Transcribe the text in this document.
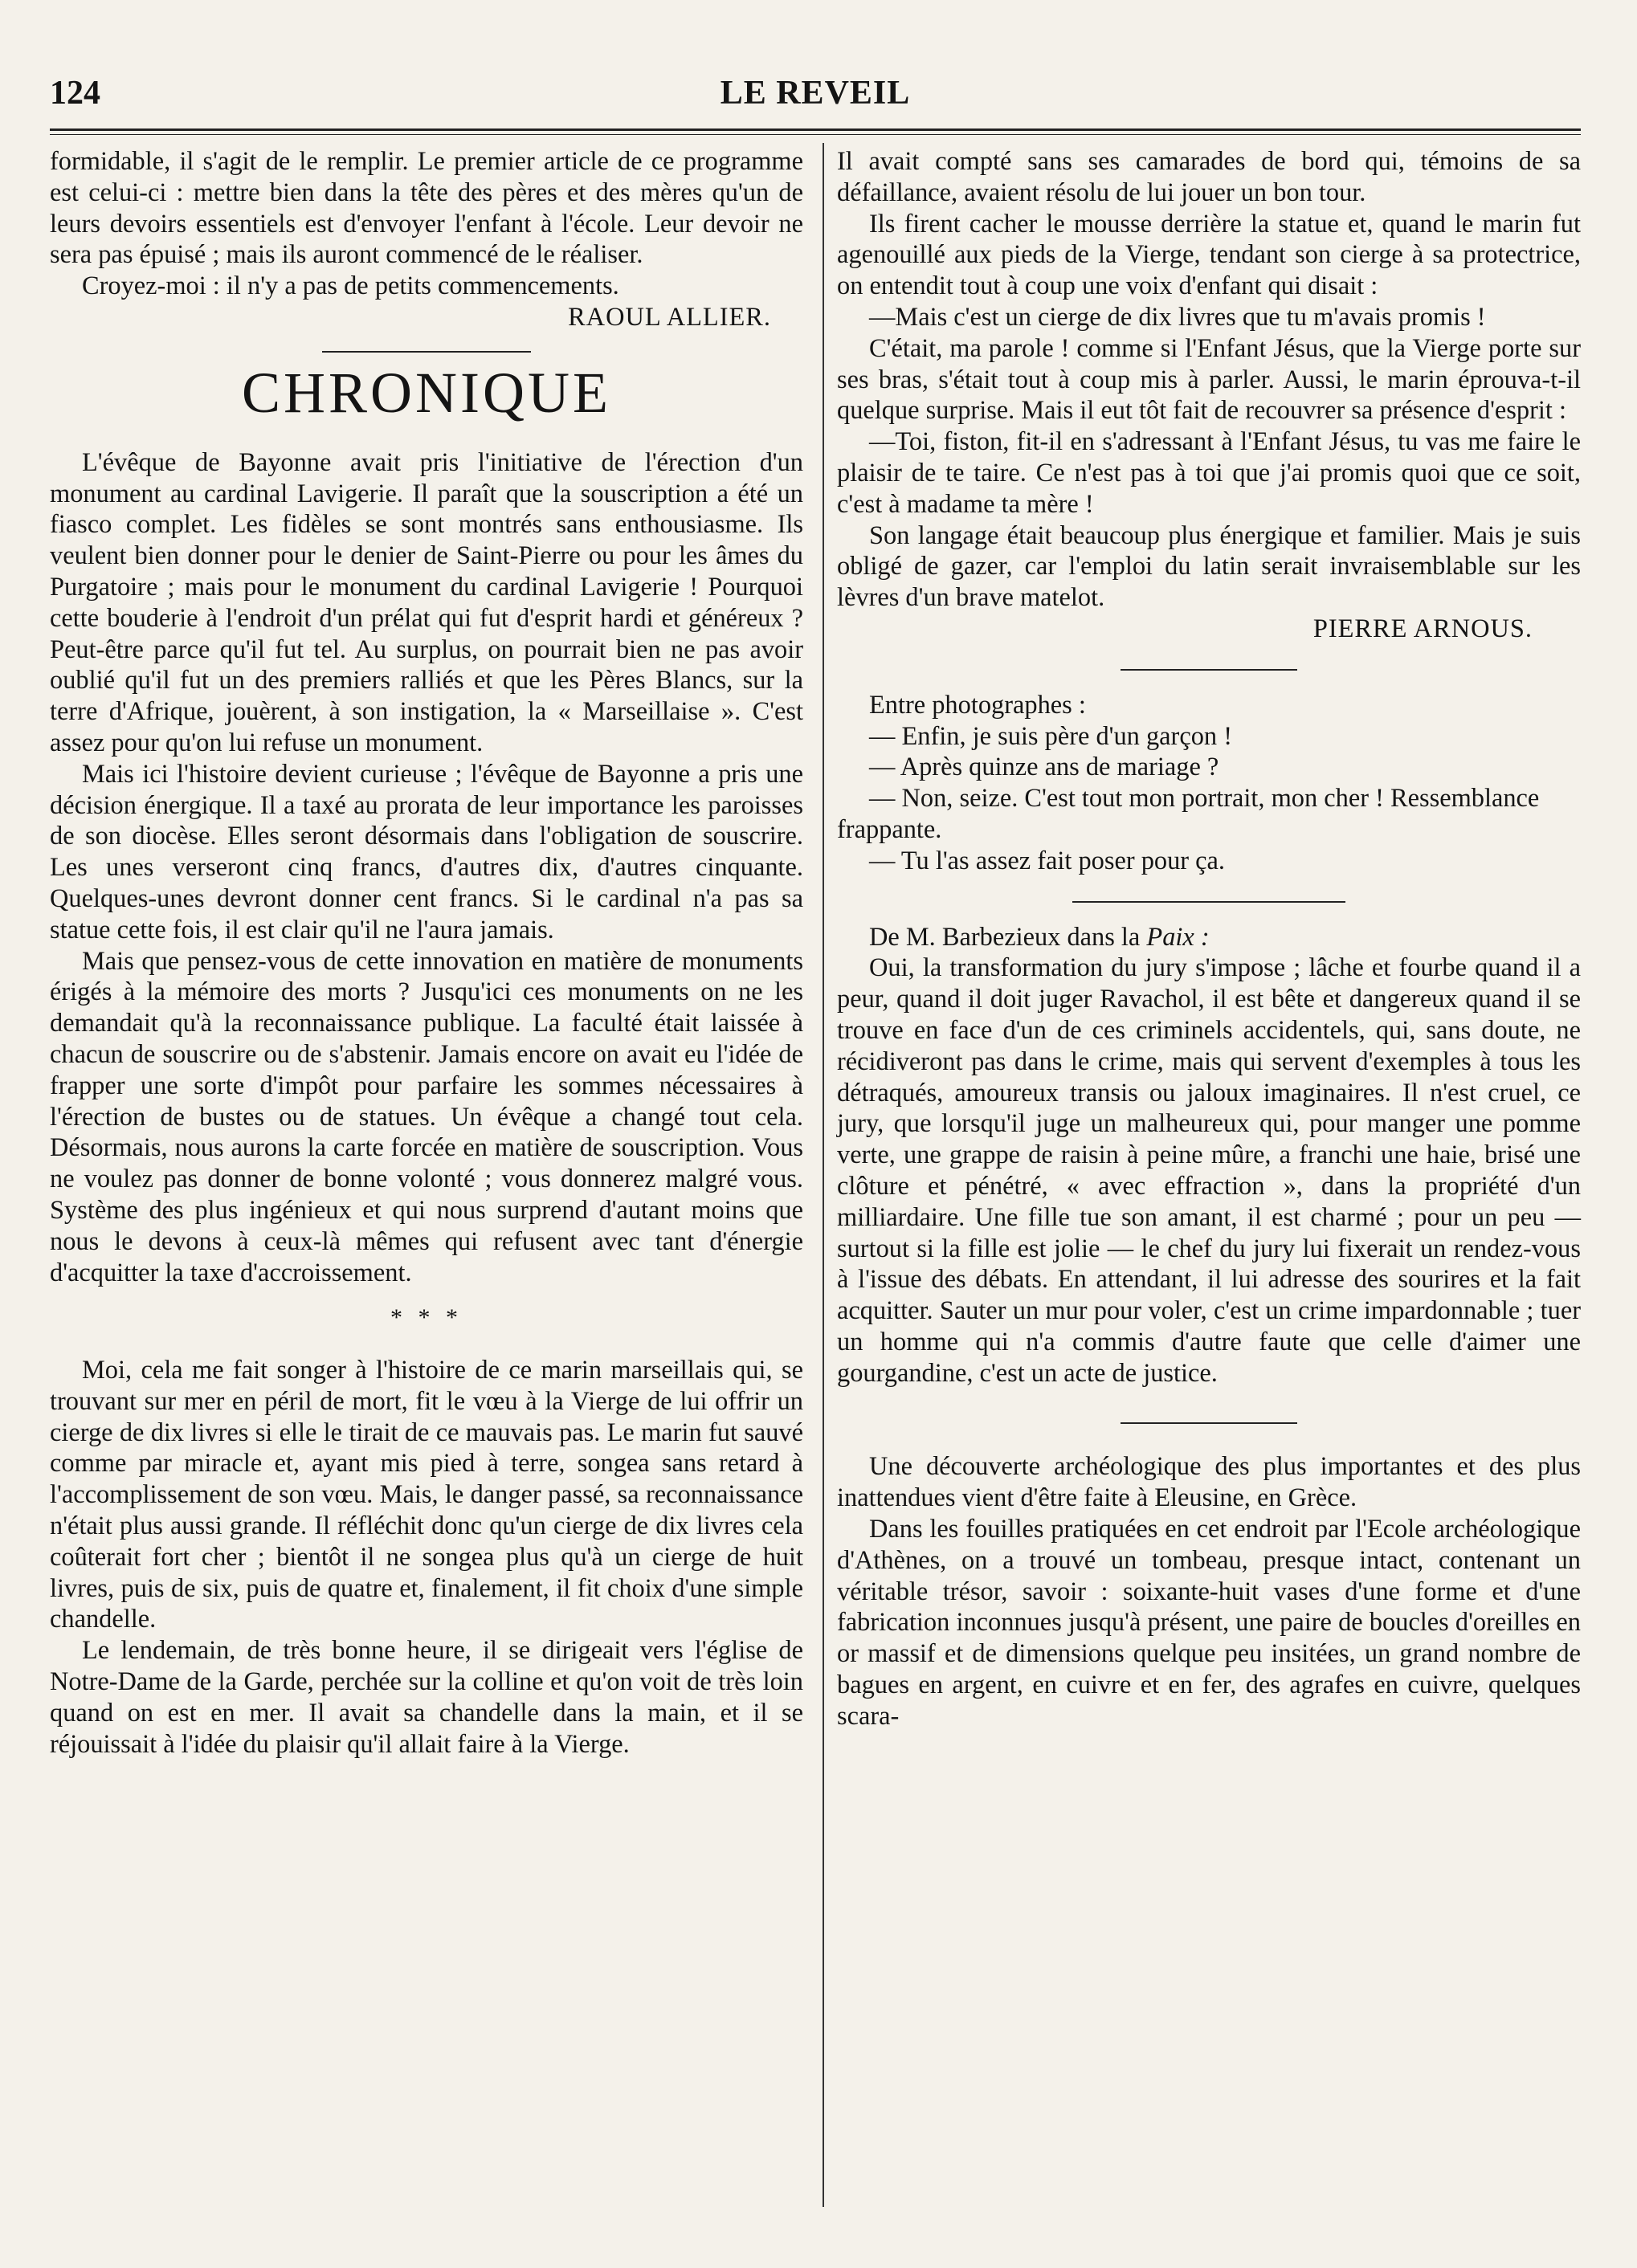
124	LE REVEIL

formidable, il s'agit de le remplir. Le premier article de ce programme est celui-ci : mettre bien dans la tête des pères et des mères qu'un de leurs devoirs essentiels est d'envoyer l'enfant à l'école. Leur devoir ne sera pas épuisé ; mais ils auront commencé de le réaliser.

Croyez-moi : il n'y a pas de petits commencements.

RAOUL ALLIER.

CHRONIQUE

L'évêque de Bayonne avait pris l'initiative de l'érection d'un monument au cardinal Lavigerie. Il paraît que la souscription a été un fiasco complet. Les fidèles se sont montrés sans enthousiasme. Ils veulent bien donner pour le denier de Saint-Pierre ou pour les âmes du Purgatoire ; mais pour le monument du cardinal Lavigerie ! Pourquoi cette bouderie à l'endroit d'un prélat qui fut d'esprit hardi et généreux ? Peut-être parce qu'il fut tel. Au surplus, on pourrait bien ne pas avoir oublié qu'il fut un des premiers ralliés et que les Pères Blancs, sur la terre d'Afrique, jouèrent, à son instigation, la « Marseillaise ». C'est assez pour qu'on lui refuse un monument.

Mais ici l'histoire devient curieuse ; l'évêque de Bayonne a pris une décision énergique. Il a taxé au prorata de leur importance les paroisses de son diocèse. Elles seront désormais dans l'obligation de souscrire. Les unes verseront cinq francs, d'autres dix, d'autres cinquante. Quelques-unes devront donner cent francs. Si le cardinal n'a pas sa statue cette fois, il est clair qu'il ne l'aura jamais.

Mais que pensez-vous de cette innovation en matière de monuments érigés à la mémoire des morts ? Jusqu'ici ces monuments on ne les demandait qu'à la reconnaissance publique. La faculté était laissée à chacun de souscrire ou de s'abstenir. Jamais encore on avait eu l'idée de frapper une sorte d'impôt pour parfaire les sommes nécessaires à l'érection de bustes ou de statues. Un évêque a changé tout cela. Désormais, nous aurons la carte forcée en matière de souscription. Vous ne voulez pas donner de bonne volonté ; vous donnerez malgré vous. Système des plus ingénieux et qui nous surprend d'autant moins que nous le devons à ceux-là mêmes qui refusent avec tant d'énergie d'acquitter la taxe d'accroissement.

* * *

Moi, cela me fait songer à l'histoire de ce marin marseillais qui, se trouvant sur mer en péril de mort, fit le vœu à la Vierge de lui offrir un cierge de dix livres si elle le tirait de ce mauvais pas. Le marin fut sauvé comme par miracle et, ayant mis pied à terre, songea sans retard à l'accomplissement de son vœu. Mais, le danger passé, sa reconnaissance n'était plus aussi grande. Il réfléchit donc qu'un cierge de dix livres cela coûterait fort cher ; bientôt il ne songea plus qu'à un cierge de huit livres, puis de six, puis de quatre et, finalement, il fit choix d'une simple chandelle.

Le lendemain, de très bonne heure, il se dirigeait vers l'église de Notre-Dame de la Garde, perchée sur la colline et qu'on voit de très loin quand on est en mer. Il avait sa chandelle dans la main, et il se réjouissait à l'idée du plaisir qu'il allait faire à la Vierge.

Il avait compté sans ses camarades de bord qui, témoins de sa défaillance, avaient résolu de lui jouer un bon tour.

Ils firent cacher le mousse derrière la statue et, quand le marin fut agenouillé aux pieds de la Vierge, tendant son cierge à sa protectrice, on entendit tout à coup une voix d'enfant qui disait :

—Mais c'est un cierge de dix livres que tu m'avais promis !

C'était, ma parole ! comme si l'Enfant Jésus, que la Vierge porte sur ses bras, s'était tout à coup mis à parler. Aussi, le marin éprouva-t-il quelque surprise. Mais il eut tôt fait de recouvrer sa présence d'esprit :

—Toi, fiston, fit-il en s'adressant à l'Enfant Jésus, tu vas me faire le plaisir de te taire. Ce n'est pas à toi que j'ai promis quoi que ce soit, c'est à madame ta mère !

Son langage était beaucoup plus énergique et familier. Mais je suis obligé de gazer, car l'emploi du latin serait invraisemblable sur les lèvres d'un brave matelot.

PIERRE ARNOUS.

Entre photographes :

— Enfin, je suis père d'un garçon !

— Après quinze ans de mariage ?

— Non, seize. C'est tout mon portrait, mon cher ! Ressemblance frappante.

— Tu l'as assez fait poser pour ça.

De M. Barbezieux dans la Paix :

Oui, la transformation du jury s'impose ; lâche et fourbe quand il a peur, quand il doit juger Ravachol, il est bête et dangereux quand il se trouve en face d'un de ces criminels accidentels, qui, sans doute, ne récidiveront pas dans le crime, mais qui servent d'exemples à tous les détraqués, amoureux transis ou jaloux imaginaires. Il n'est cruel, ce jury, que lorsqu'il juge un malheureux qui, pour manger une pomme verte, une grappe de raisin à peine mûre, a franchi une haie, brisé une clôture et pénétré, « avec effraction », dans la propriété d'un milliardaire. Une fille tue son amant, il est charmé ; pour un peu — surtout si la fille est jolie — le chef du jury lui fixerait un rendez-vous à l'issue des débats. En attendant, il lui adresse des sourires et la fait acquitter. Sauter un mur pour voler, c'est un crime impardonnable ; tuer un homme qui n'a commis d'autre faute que celle d'aimer une gourgandine, c'est un acte de justice.

Une découverte archéologique des plus importantes et des plus inattendues vient d'être faite à Eleusine, en Grèce.

Dans les fouilles pratiquées en cet endroit par l'Ecole archéologique d'Athènes, on a trouvé un tombeau, presque intact, contenant un véritable trésor, savoir : soixante-huit vases d'une forme et d'une fabrication inconnues jusqu'à présent, une paire de boucles d'oreilles en or massif et de dimensions quelque peu insitées, un grand nombre de bagues en argent, en cuivre et en fer, des agrafes en cuivre, quelques scara-
